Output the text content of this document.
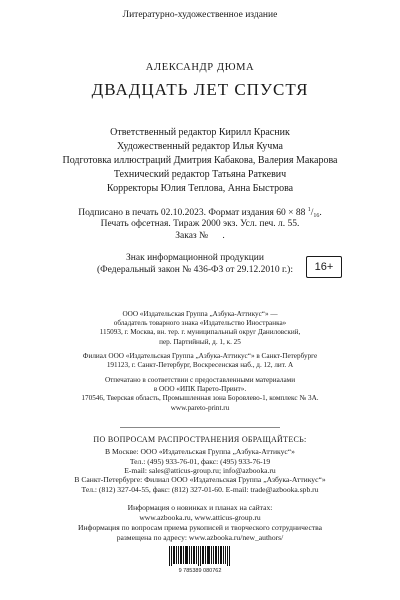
Литературно-художественное издание
АЛЕКСАНДР ДЮМА
ДВАДЦАТЬ ЛЕТ СПУСТЯ
Ответственный редактор Кирилл Красник
Художественный редактор Илья Кучма
Подготовка иллюстраций Дмитрия Кабакова, Валерия Макарова
Технический редактор Татьяна Раткевич
Корректоры Юлия Теплова, Анна Быстрова
Подписано в печать 02.10.2023. Формат издания 60 × 88 $^1/_{16}$.
Печать офсетная. Тираж 2000 экз. Усл. печ. л. 55.
Заказ №      .
Знак информационной продукции
(Федеральный закон № 436-ФЗ от 29.12.2010 г.):	16+
ООО «Издательская Группа „Азбука-Аттикус“» —
обладатель товарного знака «Издательство Иностранка»
115093, г. Москва, вн. тер. г. муниципальный округ Даниловский,
пер. Партийный, д. 1, к. 25
Филиал ООО «Издательская Группа „Азбука-Аттикус“» в Санкт-Петербурге
191123, г. Санкт-Петербург, Воскресенская наб., д. 12, лит. А
Отпечатано в соответствии с предоставленными материалами
в ООО «ИПК Парето-Принт».
170546, Тверская область, Промышленная зона Боровлево-1, комплекс № 3А.
www.pareto-print.ru
ПО ВОПРОСАМ РАСПРОСТРАНЕНИЯ ОБРАЩАЙТЕСЬ:
В Москве: ООО «Издательская Группа „Азбука-Аттикус“»
Тел.: (495) 933-76-01, факс: (495) 933-76-19
E-mail: sales@atticus-group.ru; info@azbooka.ru
В Санкт-Петербурге: Филиал ООО «Издательская Группа „Азбука-Аттикус“»
Тел.: (812) 327-04-55, факс: (812) 327-01-60. E-mail: trade@azbooka.spb.ru
Информация о новинках и планах на сайтах:
www.azbooka.ru, www.atticus-group.ru
Информация по вопросам приема рукописей и творческого сотрудничества
размещена по адресу: www.azbooka.ru/new_authors/
9 785389 080762
